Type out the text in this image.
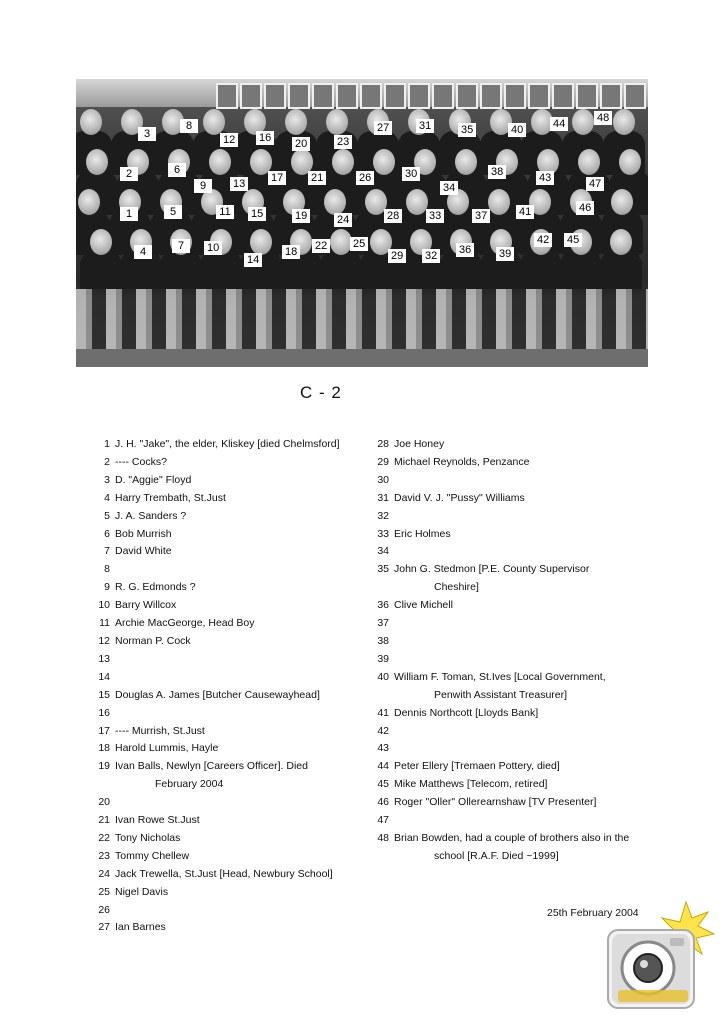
1
2
3
4
5
6
7
8
9
10
11
12
13
14
15
16
17
18
19
20
21
22
23
24
25
26
27
28
29
30
31
32
33
34
35
36
37
38
39
40
41
42
43
44
45
46
47
48
C - 2
1 J. H. "Jake", the elder, Kliskey [died Chelmsford]
2 ---- Cocks?
3 D. "Aggie" Floyd
4 Harry Trembath, St.Just
5 J. A. Sanders ?
6 Bob Murrish
7 David White
8
9 R. G. Edmonds ?
10 Barry Willcox
11 Archie MacGeorge, Head Boy
12 Norman P. Cock
13
14
15 Douglas A. James [Butcher Causewayhead]
16
17 ---- Murrish, St.Just
18 Harold Lummis, Hayle
19 Ivan Balls, Newlyn [Careers Officer]. Died
February 2004
20
21 Ivan Rowe St.Just
22 Tony Nicholas
23 Tommy Chellew
24 Jack Trewella, St.Just [Head, Newbury School]
25 Nigel Davis
26
27 Ian Barnes
28 Joe Honey
29 Michael Reynolds, Penzance
30
31 David V. J. "Pussy" Williams
32
33 Eric Holmes
34
35 John G. Stedmon [P.E. County Supervisor
Cheshire]
36 Clive Michell
37
38
39
40 William F. Toman, St.Ives [Local Government,
Penwith Assistant Treasurer]
41 Dennis Northcott [Lloyds Bank]
42
43
44 Peter Ellery [Tremaen Pottery, died]
45 Mike Matthews [Telecom, retired]
46 Roger "Oller" Ollerearnshaw [TV Presenter]
47
48 Brian Bowden, had a couple of brothers also in the
school [R.A.F. Died ~1999]
25th February 2004
